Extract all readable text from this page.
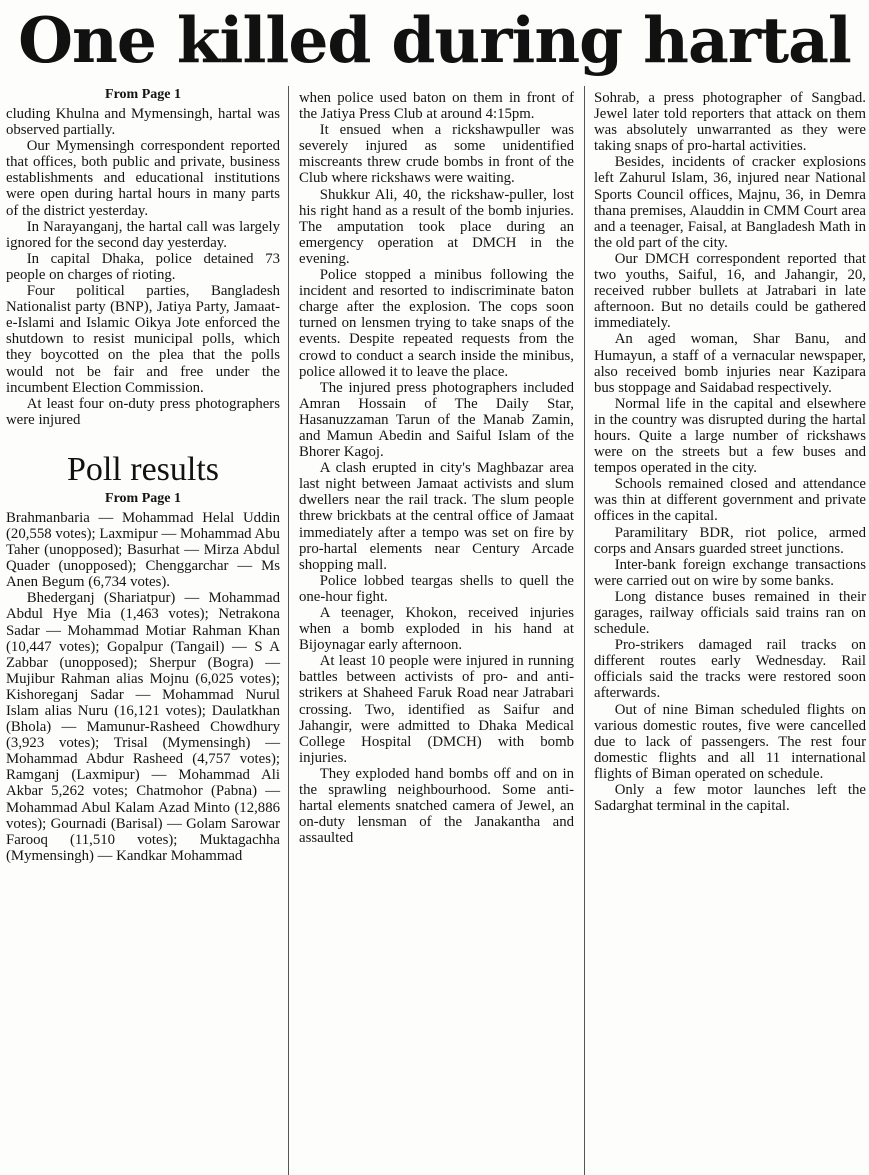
One killed during hartal
From Page 1

cluding Khulna and Mymensingh, hartal was observed partially.

Our Mymensingh correspondent reported that offices, both public and private, business establishments and educational institutions were open during hartal hours in many parts of the district yesterday.

In Narayanganj, the hartal call was largely ignored for the second day yesterday.

In capital Dhaka, police detained 73 people on charges of rioting.

Four political parties, Bangladesh Nationalist party (BNP), Jatiya Party, Jamaat-e-Islami and Islamic Oikya Jote enforced the shutdown to resist municipal polls, which they boycotted on the plea that the polls would not be fair and free under the incumbent Election Commission.

At least four on-duty press photographers were injured

Poll results
From Page 1

Brahmanbaria — Mohammad Helal Uddin (20,558 votes); Laxmipur — Mohammad Abu Taher (unopposed); Basurhat — Mirza Abdul Quader (unopposed); Chenggarchar — Ms Anen Begum (6,734 votes).

Bhederganj (Shariatpur) — Mohammad Abdul Hye Mia (1,463 votes); Netrakona Sadar — Mohammad Motiar Rahman Khan (10,447 votes); Gopalpur (Tangail) — S A Zabbar (unopposed); Sherpur (Bogra) — Mujibur Rahman alias Mojnu (6,025 votes); Kishoreganj Sadar — Mohammad Nurul Islam alias Nuru (16,121 votes); Daulatkhan (Bhola) — Mamunur-Rasheed Chowdhury (3,923 votes); Trisal (Mymensingh) — Mohammad Abdur Rasheed (4,757 votes); Ramganj (Laxmipur) — Mohammad Ali Akbar 5,262 votes; Chatmohor (Pabna) — Mohammad Abul Kalam Azad Minto (12,886 votes); Gournadi (Barisal) — Golam Sarowar Farooq (11,510 votes); Muktagachha (Mymensingh) — Kandkar Mohammad

when police used baton on them in front of the Jatiya Press Club at around 4:15pm.

It ensued when a rickshawpuller was severely injured as some unidentified miscreants threw crude bombs in front of the Club where rickshaws were waiting.

Shukkur Ali, 40, the rickshaw-puller, lost his right hand as a result of the bomb injuries. The amputation took place during an emergency operation at DMCH in the evening.

Police stopped a minibus following the incident and resorted to indiscriminate baton charge after the explosion. The cops soon turned on lensmen trying to take snaps of the events. Despite repeated requests from the crowd to conduct a search inside the minibus, police allowed it to leave the place.

The injured press photographers included Amran Hossain of The Daily Star, Hasanuzzaman Tarun of the Manab Zamin, and Mamun Abedin and Saiful Islam of the Bhorer Kagoj.

A clash erupted in city's Maghbazar area last night between Jamaat activists and slum dwellers near the rail track. The slum people threw brickbats at the central office of Jamaat immediately after a tempo was set on fire by pro-hartal elements near Century Arcade shopping mall.

Police lobbed teargas shells to quell the one-hour fight.

A teenager, Khokon, received injuries when a bomb exploded in his hand at Bijoynagar early afternoon.

At least 10 people were injured in running battles between activists of pro- and anti-strikers at Shaheed Faruk Road near Jatrabari crossing. Two, identified as Saifur and Jahangir, were admitted to Dhaka Medical College Hospital (DMCH) with bomb injuries.

They exploded hand bombs off and on in the sprawling neighbourhood. Some anti-hartal elements snatched camera of Jewel, an on-duty lensman of the Janakantha and assaulted

Sohrab, a press photographer of Sangbad. Jewel later told reporters that attack on them was absolutely unwarranted as they were taking snaps of pro-hartal activities.

Besides, incidents of cracker explosions left Zahurul Islam, 36, injured near National Sports Council offices, Majnu, 36, in Demra thana premises, Alauddin in CMM Court area and a teenager, Faisal, at Bangladesh Math in the old part of the city.

Our DMCH correspondent reported that two youths, Saiful, 16, and Jahangir, 20, received rubber bullets at Jatrabari in late afternoon. But no details could be gathered immediately.

An aged woman, Shar Banu, and Humayun, a staff of a vernacular newspaper, also received bomb injuries near Kazipara bus stoppage and Saidabad respectively.

Normal life in the capital and elsewhere in the country was disrupted during the hartal hours. Quite a large number of rickshaws were on the streets but a few buses and tempos operated in the city.

Schools remained closed and attendance was thin at different government and private offices in the capital.

Paramilitary BDR, riot police, armed corps and Ansars guarded street junctions.

Inter-bank foreign exchange transactions were carried out on wire by some banks.

Long distance buses remained in their garages, railway officials said trains ran on schedule.

Pro-strikers damaged rail tracks on different routes early Wednesday. Rail officials said the tracks were restored soon afterwards.

Out of nine Biman scheduled flights on various domestic routes, five were cancelled due to lack of passengers. The rest four domestic flights and all 11 international flights of Biman operated on schedule.

Only a few motor launches left the Sadarghat terminal in the capital.
